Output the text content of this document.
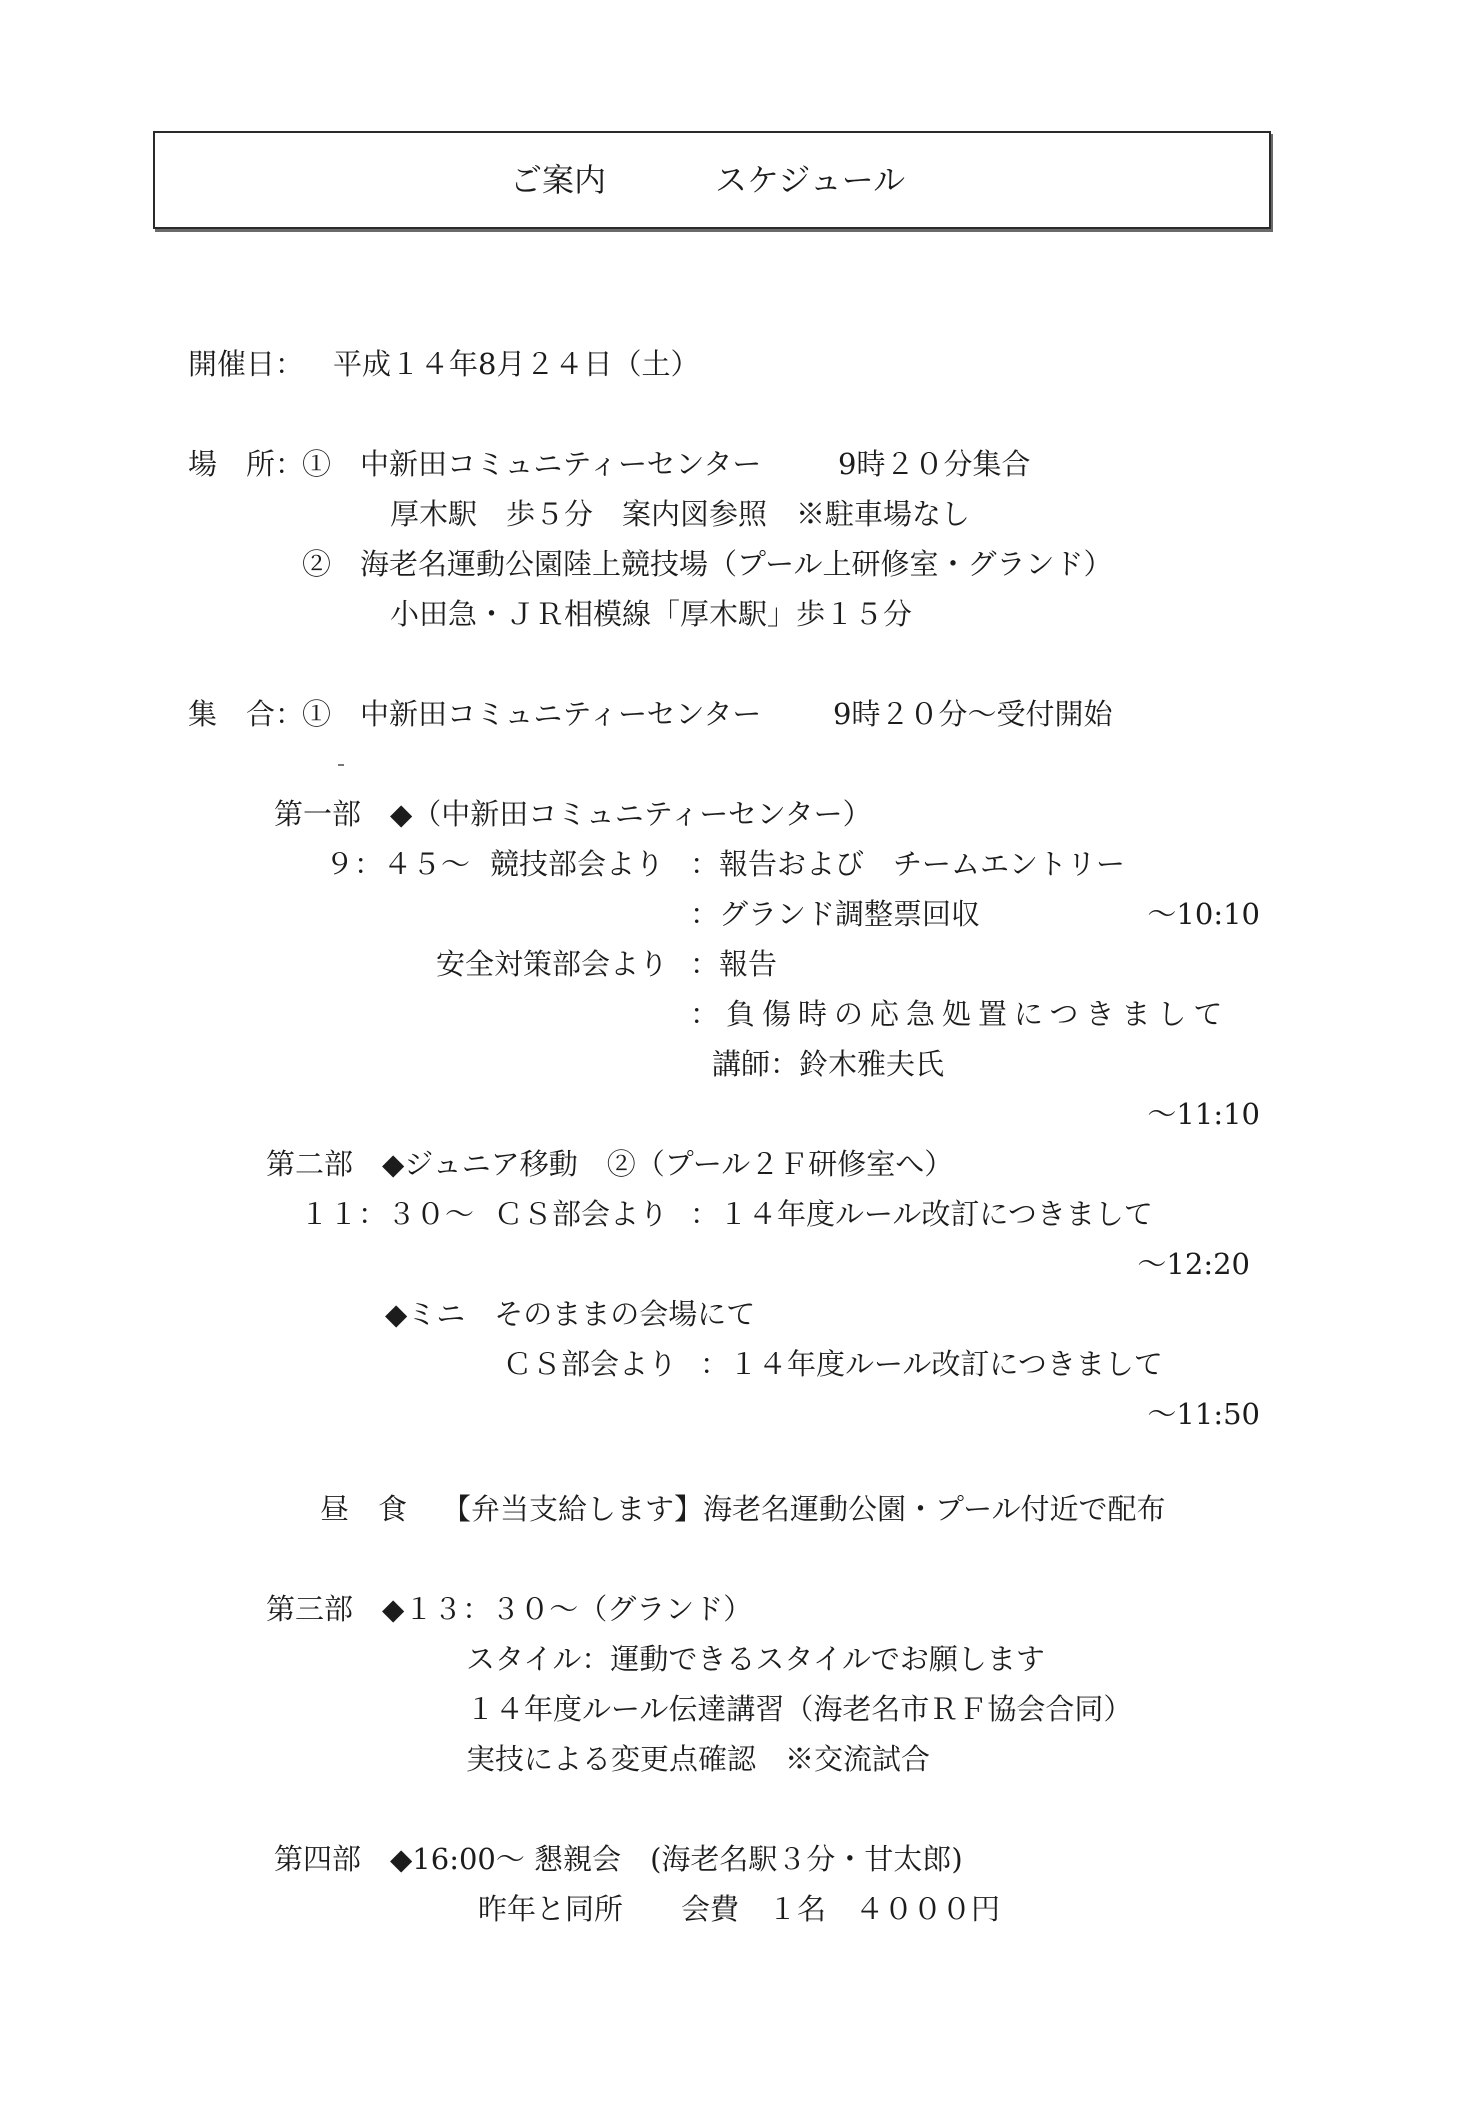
ご案内	スケジュール
開催日： 平成１４年8月２４日（土）
場　所：
①　中新田コミュニティーセンター	9時２０分集合
厚木駅　歩５分　案内図参照　※駐車場なし
②　海老名運動公園陸上競技場（プール上研修室・グランド）
小田急・ＪＲ相模線「厚木駅」歩１５分
集　合：
①　中新田コミュニティーセンター 9時２０分～受付開始
第一部　◆（中新田コミュニティーセンター）
９：４５～ 競技部会より ：報告および　チームエントリー
：グランド調整票回収	～10:10
安全対策部会より ：報告
：負傷時の応急処置につきまして
講師：鈴木雅夫氏
～11:10
第二部　◆ジュニア移動　②（プール２Ｆ研修室へ）
１１：３０～ ＣＳ部会より ：１４年度ルール改訂につきまして
～12:20
◆ミニ　そのままの会場にて
ＣＳ部会より ：１４年度ルール改訂につきまして
～11:50
昼　食 【弁当支給します】海老名運動公園・プール付近で配布
第三部　◆１３：３０～（グランド）
スタイル：運動できるスタイルでお願します
１４年度ルール伝達講習（海老名市ＲＦ協会合同）
実技による変更点確認　※交流試合
第四部　◆16:00～ 懇親会　(海老名駅３分・甘太郎)
昨年と同所　　会費　１名　４０００円
